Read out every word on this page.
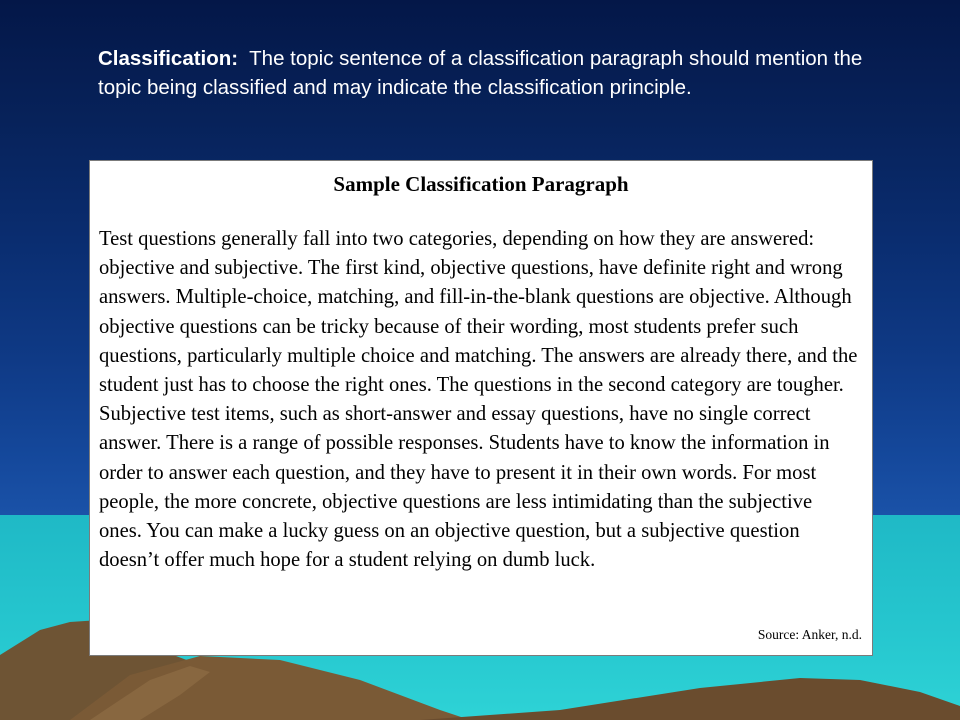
Classification: The topic sentence of a classification paragraph should mention the topic being classified and may indicate the classification principle.

Sample Classification Paragraph

Test questions generally fall into two categories, depending on how they are answered: objective and subjective. The first kind, objective questions, have definite right and wrong answers. Multiple-choice, matching, and fill-in-the-blank questions are objective. Although objective questions can be tricky because of their wording, most students prefer such questions, particularly multiple choice and matching. The answers are already there, and the student just has to choose the right ones. The questions in the second category are tougher. Subjective test items, such as short-answer and essay questions, have no single correct answer. There is a range of possible responses. Students have to know the information in order to answer each question, and they have to present it in their own words. For most people, the more concrete, objective questions are less intimidating than the subjective ones. You can make a lucky guess on an objective question, but a subjective question doesn’t offer much hope for a student relying on dumb luck.

Source: Anker, n.d.
